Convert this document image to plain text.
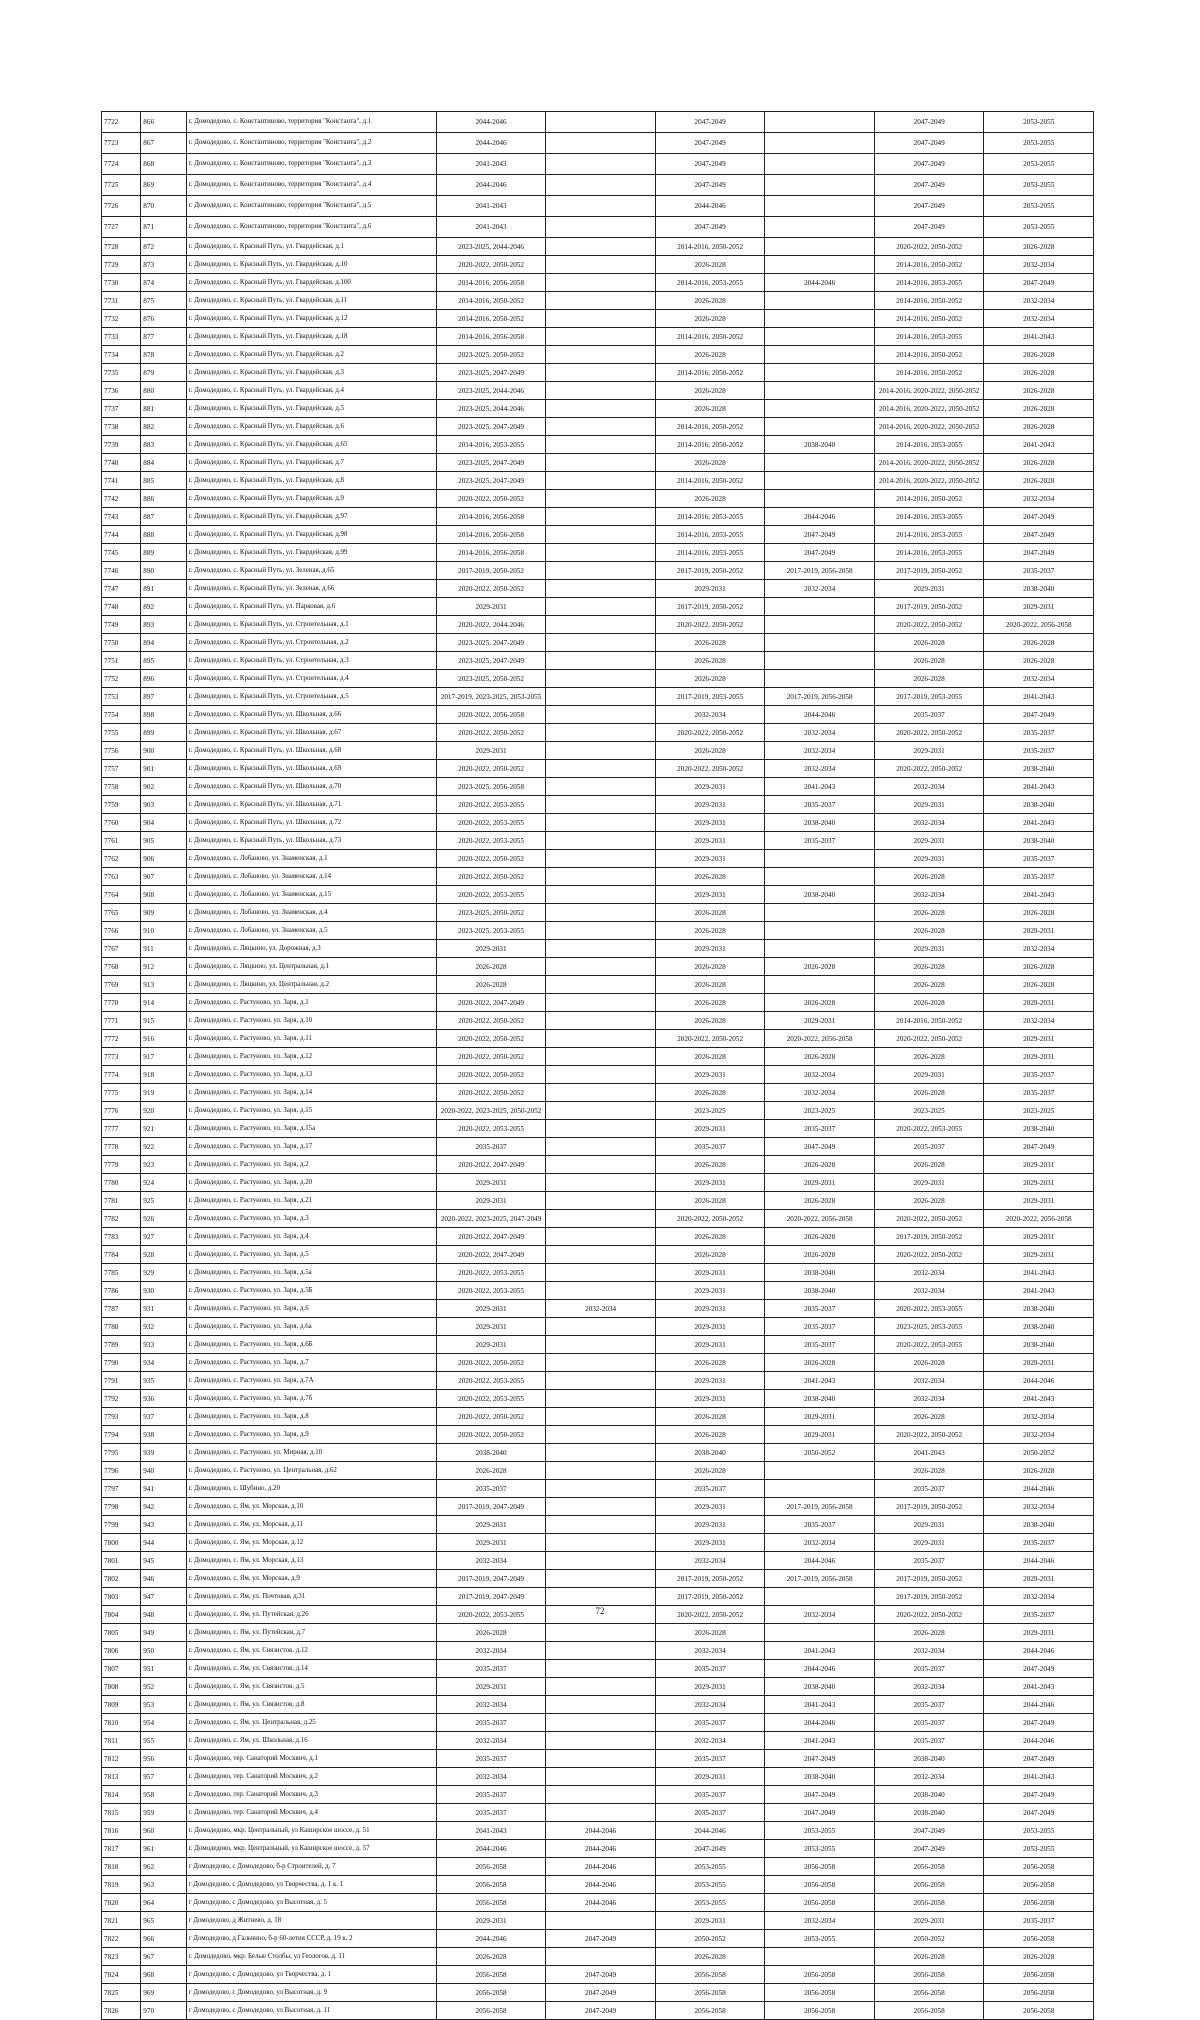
7722	866	г. Домодедово, с. Константиново, территория "Константа", д.1	2044-2046		2047-2049		2047-2049	2053-2055
7723	867	г. Домодедово, с. Константиново, территория "Константа", д.2	2044-2046		2047-2049		2047-2049	2053-2055
7724	868	г. Домодедово, с. Константиново, территория "Константа", д.3	2041-2043		2047-2049		2047-2049	2053-2055
7725	869	г. Домодедово, с. Константиново, территория "Константа", д.4	2044-2046		2047-2049		2047-2049	2053-2055
7726	870	г. Домодедово, с. Константиново, территория "Константа", д.5	2041-2043		2044-2046		2047-2049	2053-2055
7727	871	г. Домодедово, с. Константиново, территория "Константа", д.6	2041-2043		2047-2049		2047-2049	2053-2055
7728	872	г. Домодедово, с. Красный Путь, ул. Гвардейская, д.1	2023-2025, 2044-2046		2014-2016, 2050-2052		2020-2022, 2050-2052	2026-2028
7729	873	г. Домодедово, с. Красный Путь, ул. Гвардейская, д.10	2020-2022, 2050-2052		2026-2028		2014-2016, 2050-2052	2032-2034
7730	874	г. Домодедово, с. Красный Путь, ул. Гвардейская, д.100	2014-2016, 2056-2058		2014-2016, 2053-2055	2044-2046	2014-2016, 2053-2055	2047-2049
7731	875	г. Домодедово, с. Красный Путь, ул. Гвардейская, д.11	2014-2016, 2050-2052		2026-2028		2014-2016, 2050-2052	2032-2034
7732	876	г. Домодедово, с. Красный Путь, ул. Гвардейская, д.12	2014-2016, 2050-2052		2026-2028		2014-2016, 2050-2052	2032-2034
7733	877	г. Домодедово, с. Красный Путь, ул. Гвардейская, д.18	2014-2016, 2056-2058		2014-2016, 2050-2052		2014-2016, 2053-2055	2041-2043
7734	878	г. Домодедово, с. Красный Путь, ул. Гвардейская, д.2	2023-2025, 2050-2052		2026-2028		2014-2016, 2050-2052	2026-2028
7735	879	г. Домодедово, с. Красный Путь, ул. Гвардейская, д.3	2023-2025, 2047-2049		2014-2016, 2050-2052		2014-2016, 2050-2052	2026-2028
7736	880	г. Домодедово, с. Красный Путь, ул. Гвардейская, д.4	2023-2025, 2044-2046		2026-2028		2014-2016, 2020-2022, 2050-2052	2026-2028
7737	881	г. Домодедово, с. Красный Путь, ул. Гвардейская, д.5	2023-2025, 2044-2046		2026-2028		2014-2016, 2020-2022, 2050-2052	2026-2028
7738	882	г. Домодедово, с. Красный Путь, ул. Гвардейская, д.6	2023-2025, 2047-2049		2014-2016, 2050-2052		2014-2016, 2020-2022, 2050-2052	2026-2028
7739	883	г. Домодедово, с. Красный Путь, ул. Гвардейская, д.65	2014-2016, 2053-2055		2014-2016, 2050-2052	2038-2040	2014-2016, 2053-2055	2041-2043
7740	884	г. Домодедово, с. Красный Путь, ул. Гвардейская, д.7	2023-2025, 2047-2049		2026-2028		2014-2016, 2020-2022, 2050-2052	2026-2028
7741	885	г. Домодедово, с. Красный Путь, ул. Гвардейская, д.8	2023-2025, 2047-2049		2014-2016, 2050-2052		2014-2016, 2020-2022, 2050-2052	2026-2028
7742	886	г. Домодедово, с. Красный Путь, ул. Гвардейская, д.9	2020-2022, 2050-2052		2026-2028		2014-2016, 2050-2052	2032-2034
7743	887	г. Домодедово, с. Красный Путь, ул. Гвардейская, д.97	2014-2016, 2056-2058		2014-2016, 2053-2055	2044-2046	2014-2016, 2053-2055	2047-2049
7744	888	г. Домодедово, с. Красный Путь, ул. Гвардейская, д.98	2014-2016, 2056-2058		2014-2016, 2053-2055	2047-2049	2014-2016, 2053-2055	2047-2049
7745	889	г. Домодедово, с. Красный Путь, ул. Гвардейская, д.99	2014-2016, 2056-2058		2014-2016, 2053-2055	2047-2049	2014-2016, 2053-2055	2047-2049
7746	890	г. Домодедово, с. Красный Путь, ул. Зеленая, д.65	2017-2019, 2050-2052		2017-2019, 2050-2052	2017-2019, 2056-2058	2017-2019, 2050-2052	2035-2037
7747	891	г. Домодедово, с. Красный Путь, ул. Зеленая, д.66	2020-2022, 2050-2052		2029-2031	2032-2034	2029-2031	2038-2040
7748	892	г. Домодедово, с. Красный Путь, ул. Парковая, д.6	2029-2031		2017-2019, 2050-2052		2017-2019, 2050-2052	2029-2031
7749	893	г. Домодедово, с. Красный Путь, ул. Строительная, д.1	2020-2022, 2044-2046		2020-2022, 2050-2052		2020-2022, 2050-2052	2020-2022, 2056-2058
7750	894	г. Домодедово, с. Красный Путь, ул. Строительная, д.2	2023-2025, 2047-2049		2026-2028		2026-2028	2026-2028
7751	895	г. Домодедово, с. Красный Путь, ул. Строительная, д.3	2023-2025, 2047-2049		2026-2028		2026-2028	2026-2028
7752	896	г. Домодедово, с. Красный Путь, ул. Строительная, д.4	2023-2025, 2050-2052		2026-2028		2026-2028	2032-2034
7753	897	г. Домодедово, с. Красный Путь, ул. Строительная, д.5	2017-2019, 2023-2025, 2053-2055		2017-2019, 2053-2055	2017-2019, 2056-2058	2017-2019, 2053-2055	2041-2043
7754	898	г. Домодедово, с. Красный Путь, ул. Школьная, д.66	2020-2022, 2056-2058		2032-2034	2044-2046	2035-2037	2047-2049
7755	899	г. Домодедово, с. Красный Путь, ул. Школьная, д.67	2020-2022, 2050-2052		2020-2022, 2050-2052	2032-2034	2020-2022, 2050-2052	2035-2037
7756	900	г. Домодедово, с. Красный Путь, ул. Школьная, д.68	2029-2031		2026-2028	2032-2034	2029-2031	2035-2037
7757	901	г. Домодедово, с. Красный Путь, ул. Школьная, д.69	2020-2022, 2050-2052		2020-2022, 2050-2052	2032-2034	2020-2022, 2050-2052	2038-2040
7758	902	г. Домодедово, с. Красный Путь, ул. Школьная, д.70	2023-2025, 2056-2058		2029-2031	2041-2043	2032-2034	2041-2043
7759	903	г. Домодедово, с. Красный Путь, ул. Школьная, д.71	2020-2022, 2053-2055		2029-2031	2035-2037	2029-2031	2038-2040
7760	904	г. Домодедово, с. Красный Путь, ул. Школьная, д.72	2020-2022, 2053-2055		2029-2031	2038-2040	2032-2034	2041-2043
7761	905	г. Домодедово, с. Красный Путь, ул. Школьная, д.73	2020-2022, 2053-2055		2029-2031	2035-2037	2029-2031	2038-2040
7762	906	г. Домодедово, с. Лобаново, ул. Знаменская, д.1	2020-2022, 2050-2052		2029-2031		2029-2031	2035-2037
7763	907	г. Домодедово, с. Лобаново, ул. Знаменская, д.14	2020-2022, 2050-2052		2026-2028		2026-2028	2035-2037
7764	908	г. Домодедово, с. Лобаново, ул. Знаменская, д.15	2020-2022, 2053-2055		2029-2031	2038-2040	2032-2034	2041-2043
7765	909	г. Домодедово, с. Лобаново, ул. Знаменская, д.4	2023-2025, 2050-2052		2026-2028		2026-2028	2026-2028
7766	910	г. Домодедово, с. Лобаново, ул. Знаменская, д.5	2023-2025, 2053-2055		2026-2028		2026-2028	2029-2031
7767	911	г. Домодедово, с. Ляцкино, ул. Дорожная, д.3	2029-2031		2029-2031		2029-2031	2032-2034
7768	912	г. Домодедово, с. Ляцкино, ул. Центральная, д.1	2026-2028		2026-2028	2026-2028	2026-2028	2026-2028
7769	913	г. Домодедово, с. Ляцкино, ул. Центральная, д.2	2026-2028		2026-2028		2026-2028	2026-2028
7770	914	г. Домодедово, с. Растуново, ул. Заря, д.1	2020-2022, 2047-2049		2026-2028	2026-2028	2026-2028	2029-2031
7771	915	г. Домодедово, с. Растуново, ул. Заря, д.10	2020-2022, 2050-2052		2026-2028	2029-2031	2014-2016, 2050-2052	2032-2034
7772	916	г. Домодедово, с. Растуново, ул. Заря, д.11	2020-2022, 2050-2052		2020-2022, 2050-2052	2020-2022, 2056-2058	2020-2022, 2050-2052	2029-2031
7773	917	г. Домодедово, с. Растуново, ул. Заря, д.12	2020-2022, 2050-2052		2026-2028	2026-2028	2026-2028	2029-2031
7774	918	г. Домодедово, с. Растуново, ул. Заря, д.13	2020-2022, 2050-2052		2029-2031	2032-2034	2029-2031	2035-2037
7775	919	г. Домодедово, с. Растуново, ул. Заря, д.14	2020-2022, 2050-2052		2026-2028	2032-2034	2026-2028	2035-2037
7776	920	г. Домодедово, с. Растуново, ул. Заря, д.15	2020-2022, 2023-2025, 2050-2052		2023-2025	2023-2025	2023-2025	2023-2025
7777	921	г. Домодедово, с. Растуново, ул. Заря, д.15а	2020-2022, 2053-2055		2029-2031	2035-2037	2020-2022, 2053-2055	2038-2040
7778	922	г. Домодедово, с. Растуново, ул. Заря, д.17	2035-2037		2035-2037	2047-2049	2035-2037	2047-2049
7779	923	г. Домодедово, с. Растуново, ул. Заря, д.2	2020-2022, 2047-2049		2026-2028	2026-2028	2026-2028	2029-2031
7780	924	г. Домодедово, с. Растуново, ул. Заря, д.20	2029-2031		2029-2031	2029-2031	2029-2031	2029-2031
7781	925	г. Домодедово, с. Растуново, ул. Заря, д.21	2029-2031		2026-2028	2026-2028	2026-2028	2029-2031
7782	926	г. Домодедово, с. Растуново, ул. Заря, д.3	2020-2022, 2023-2025, 2047-2049		2020-2022, 2050-2052	2020-2022, 2056-2058	2020-2022, 2050-2052	2020-2022, 2056-2058
7783	927	г. Домодедово, с. Растуново, ул. Заря, д.4	2020-2022, 2047-2049		2026-2028	2026-2028	2017-2019, 2050-2052	2029-2031
7784	928	г. Домодедово, с. Растуново, ул. Заря, д.5	2020-2022, 2047-2049		2026-2028	2026-2028	2020-2022, 2050-2052	2029-2031
7785	929	г. Домодедово, с. Растуново, ул. Заря, д.5а	2020-2022, 2053-2055		2029-2031	2038-2040	2032-2034	2041-2043
7786	930	г. Домодедово, с. Растуново, ул. Заря, д.5Б	2020-2022, 2053-2055		2029-2031	2038-2040	2032-2034	2041-2043
7787	931	г. Домодедово, с. Растуново, ул. Заря, д.6	2029-2031	2032-2034	2029-2031	2035-2037	2020-2022, 2053-2055	2038-2040
7788	932	г. Домодедово, с. Растуново, ул. Заря, д.6а	2029-2031		2029-2031	2035-2037	2023-2025, 2053-2055	2038-2040
7789	933	г. Домодедово, с. Растуново, ул. Заря, д.6Б	2029-2031		2029-2031	2035-2037	2020-2022, 2053-2055	2038-2040
7790	934	г. Домодедово, с. Растуново, ул. Заря, д.7	2020-2022, 2050-2052		2026-2028	2026-2028	2026-2028	2029-2031
7791	935	г. Домодедово, с. Растуново, ул. Заря, д.7А	2020-2022, 2053-2055		2029-2031	2041-2043	2032-2034	2044-2046
7792	936	г. Домодедово, с. Растуново, ул. Заря, д.7б	2020-2022, 2053-2055		2029-2031	2038-2040	2032-2034	2041-2043
7793	937	г. Домодедово, с. Растуново, ул. Заря, д.8	2020-2022, 2050-2052		2026-2028	2029-2031	2026-2028	2032-2034
7794	938	г. Домодедово, с. Растуново, ул. Заря, д.9	2020-2022, 2050-2052		2026-2028	2029-2031	2020-2022, 2050-2052	2032-2034
7795	939	г. Домодедово, с. Растуново, ул. Мирная, д.10	2038-2040		2038-2040	2050-2052	2041-2043	2050-2052
7796	940	г. Домодедово, с. Растуново, ул. Центральная, д.62	2026-2028		2026-2028		2026-2028	2026-2028
7797	941	г. Домодедово, с. Шубино, д.20	2035-2037		2035-2037		2035-2037	2044-2046
7798	942	г. Домодедово, с. Ям, ул. Морская, д.10	2017-2019, 2047-2049		2029-2031	2017-2019, 2056-2058	2017-2019, 2050-2052	2032-2034
7799	943	г. Домодедово, с. Ям, ул. Морская, д.11	2029-2031		2029-2031	2035-2037	2029-2031	2038-2040
7800	944	г. Домодедово, с. Ям, ул. Морская, д.12	2029-2031		2029-2031	2032-2034	2029-2031	2035-2037
7801	945	г. Домодедово, с. Ям, ул. Морская, д.13	2032-2034		2032-2034	2044-2046	2035-2037	2044-2046
7802	946	г. Домодедово, с. Ям, ул. Морская, д.9	2017-2019, 2047-2049		2017-2019, 2050-2052	2017-2019, 2056-2058	2017-2019, 2050-2052	2029-2031
7803	947	г. Домодедово, с. Ям, ул. Почтовая, д.31	2017-2019, 2047-2049		2017-2019, 2050-2052		2017-2019, 2050-2052	2032-2034
7804	948	г. Домодедово, с. Ям, ул. Путейская, д.26	2020-2022, 2053-2055		2020-2022, 2050-2052	2032-2034	2020-2022, 2050-2052	2035-2037
7805	949	г. Домодедово, с. Ям, ул. Путейская, д.7	2026-2028		2026-2028		2026-2028	2029-2031
7806	950	г. Домодедово, с. Ям, ул. Связистов, д.12	2032-2034		2032-2034	2041-2043	2032-2034	2044-2046
7807	951	г. Домодедово, с. Ям, ул. Связистов, д.14	2035-2037		2035-2037	2044-2046	2035-2037	2047-2049
7808	952	г. Домодедово, с. Ям, ул. Связистов, д.5	2029-2031		2029-2031	2038-2040	2032-2034	2041-2043
7809	953	г. Домодедово, с. Ям, ул. Связистов, д.8	2032-2034		2032-2034	2041-2043	2035-2037	2044-2046
7810	954	г. Домодедово, с. Ям, ул. Центральная, д.25	2035-2037		2035-2037	2044-2046	2035-2037	2047-2049
7811	955	г. Домодедово, с. Ям, ул. Школьная, д.16	2032-2034		2032-2034	2041-2043	2035-2037	2044-2046
7812	956	г. Домодедово, тер. Санаторий Москвич, д.1	2035-2037		2035-2037	2047-2049	2038-2040	2047-2049
7813	957	г. Домодедово, тер. Санаторий Москвич, д.2	2032-2034		2029-2031	2038-2040	2032-2034	2041-2043
7814	958	г. Домодедово, тер. Санаторий Москвич, д.3	2035-2037		2035-2037	2047-2049	2038-2040	2047-2049
7815	959	г. Домодедово, тер. Санаторий Москвич, д.4	2035-2037		2035-2037	2047-2049	2038-2040	2047-2049
7816	960	г. Домодедово, мкр. Центральный, ул Каширское шоссе, д. 51	2041-2043	2044-2046	2044-2046	2053-2055	2047-2049	2053-2055
7817	961	г. Домодедово, мкр. Центральный, ул Каширское шоссе, д. 57	2044-2046	2044-2046	2047-2049	2053-2055	2047-2049	2053-2055
7818	962	г Домодедово, с Домодедово, б-р Строителей, д. 7	2056-2058	2044-2046	2053-2055	2056-2058	2056-2058	2056-2058
7819	963	г Домодедово, с Домодедово, ул Творчества, д. 1 к. 1	2056-2058	2044-2046	2053-2055	2056-2058	2056-2058	2056-2058
7820	964	г Домодедово, с Домодедово, ул Высотная, д. 5	2056-2058	2044-2046	2053-2055	2056-2058	2056-2058	2056-2058
7821	965	г Домодедово, д Житнево, д. 18	2029-2031		2029-2031	2032-2034	2029-2031	2035-2037
7822	966	г Домодедово, д Гальчино, б-р 60-летия СССР, д. 19 к. 2	2044-2046	2047-2049	2050-2052	2053-2055	2050-2052	2056-2058
7823	967	г. Домодедово, мкр. Белые Столбы, ул Геологов, д. 11	2026-2028		2026-2028		2026-2028	2026-2028
7824	968	г Домодедово, с Домодедово, ул Творчества, д. 1	2056-2058	2047-2049	2056-2058	2056-2058	2056-2058	2056-2058
7825	969	г Домодедово, с Домодедово, ул Высотная, д. 9	2056-2058	2047-2049	2056-2058	2056-2058	2056-2058	2056-2058
7826	970	г Домодедово, с Домодедово, ул Высотная, д. 11	2056-2058	2047-2049	2056-2058	2056-2058	2056-2058	2056-2058
72
